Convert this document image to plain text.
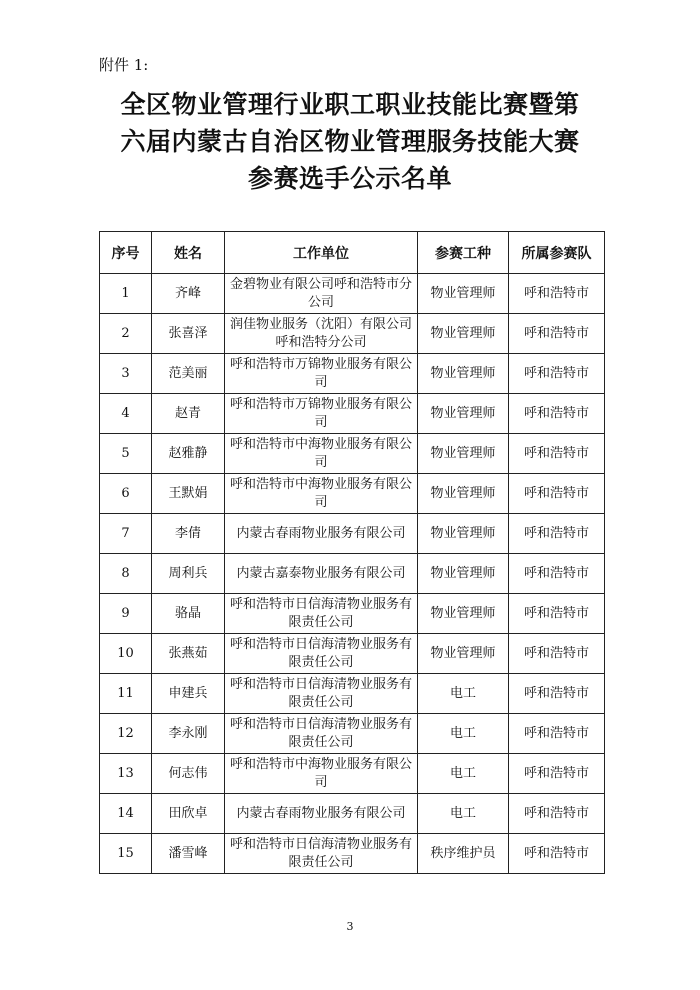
附件 1:
全区物业管理行业职工职业技能比赛暨第
六届内蒙古自治区物业管理服务技能大赛
参赛选手公示名单
序号	姓名	工作单位	参赛工种	所属参赛队
1	齐峰	金碧物业有限公司呼和浩特市分公司	物业管理师	呼和浩特市
2	张喜泽	润佳物业服务（沈阳）有限公司呼和浩特分公司	物业管理师	呼和浩特市
3	范美丽	呼和浩特市万锦物业服务有限公司	物业管理师	呼和浩特市
4	赵青	呼和浩特市万锦物业服务有限公司	物业管理师	呼和浩特市
5	赵雅静	呼和浩特市中海物业服务有限公司	物业管理师	呼和浩特市
6	王默娟	呼和浩特市中海物业服务有限公司	物业管理师	呼和浩特市
7	李倩	内蒙古春雨物业服务有限公司	物业管理师	呼和浩特市
8	周利兵	内蒙古嘉泰物业服务有限公司	物业管理师	呼和浩特市
9	骆晶	呼和浩特市日信海清物业服务有限责任公司	物业管理师	呼和浩特市
10	张燕茹	呼和浩特市日信海清物业服务有限责任公司	物业管理师	呼和浩特市
11	申建兵	呼和浩特市日信海清物业服务有限责任公司	电工	呼和浩特市
12	李永刚	呼和浩特市日信海清物业服务有限责任公司	电工	呼和浩特市
13	何志伟	呼和浩特市中海物业服务有限公司	电工	呼和浩特市
14	田欣卓	内蒙古春雨物业服务有限公司	电工	呼和浩特市
15	潘雪峰	呼和浩特市日信海清物业服务有限责任公司	秩序维护员	呼和浩特市
3
